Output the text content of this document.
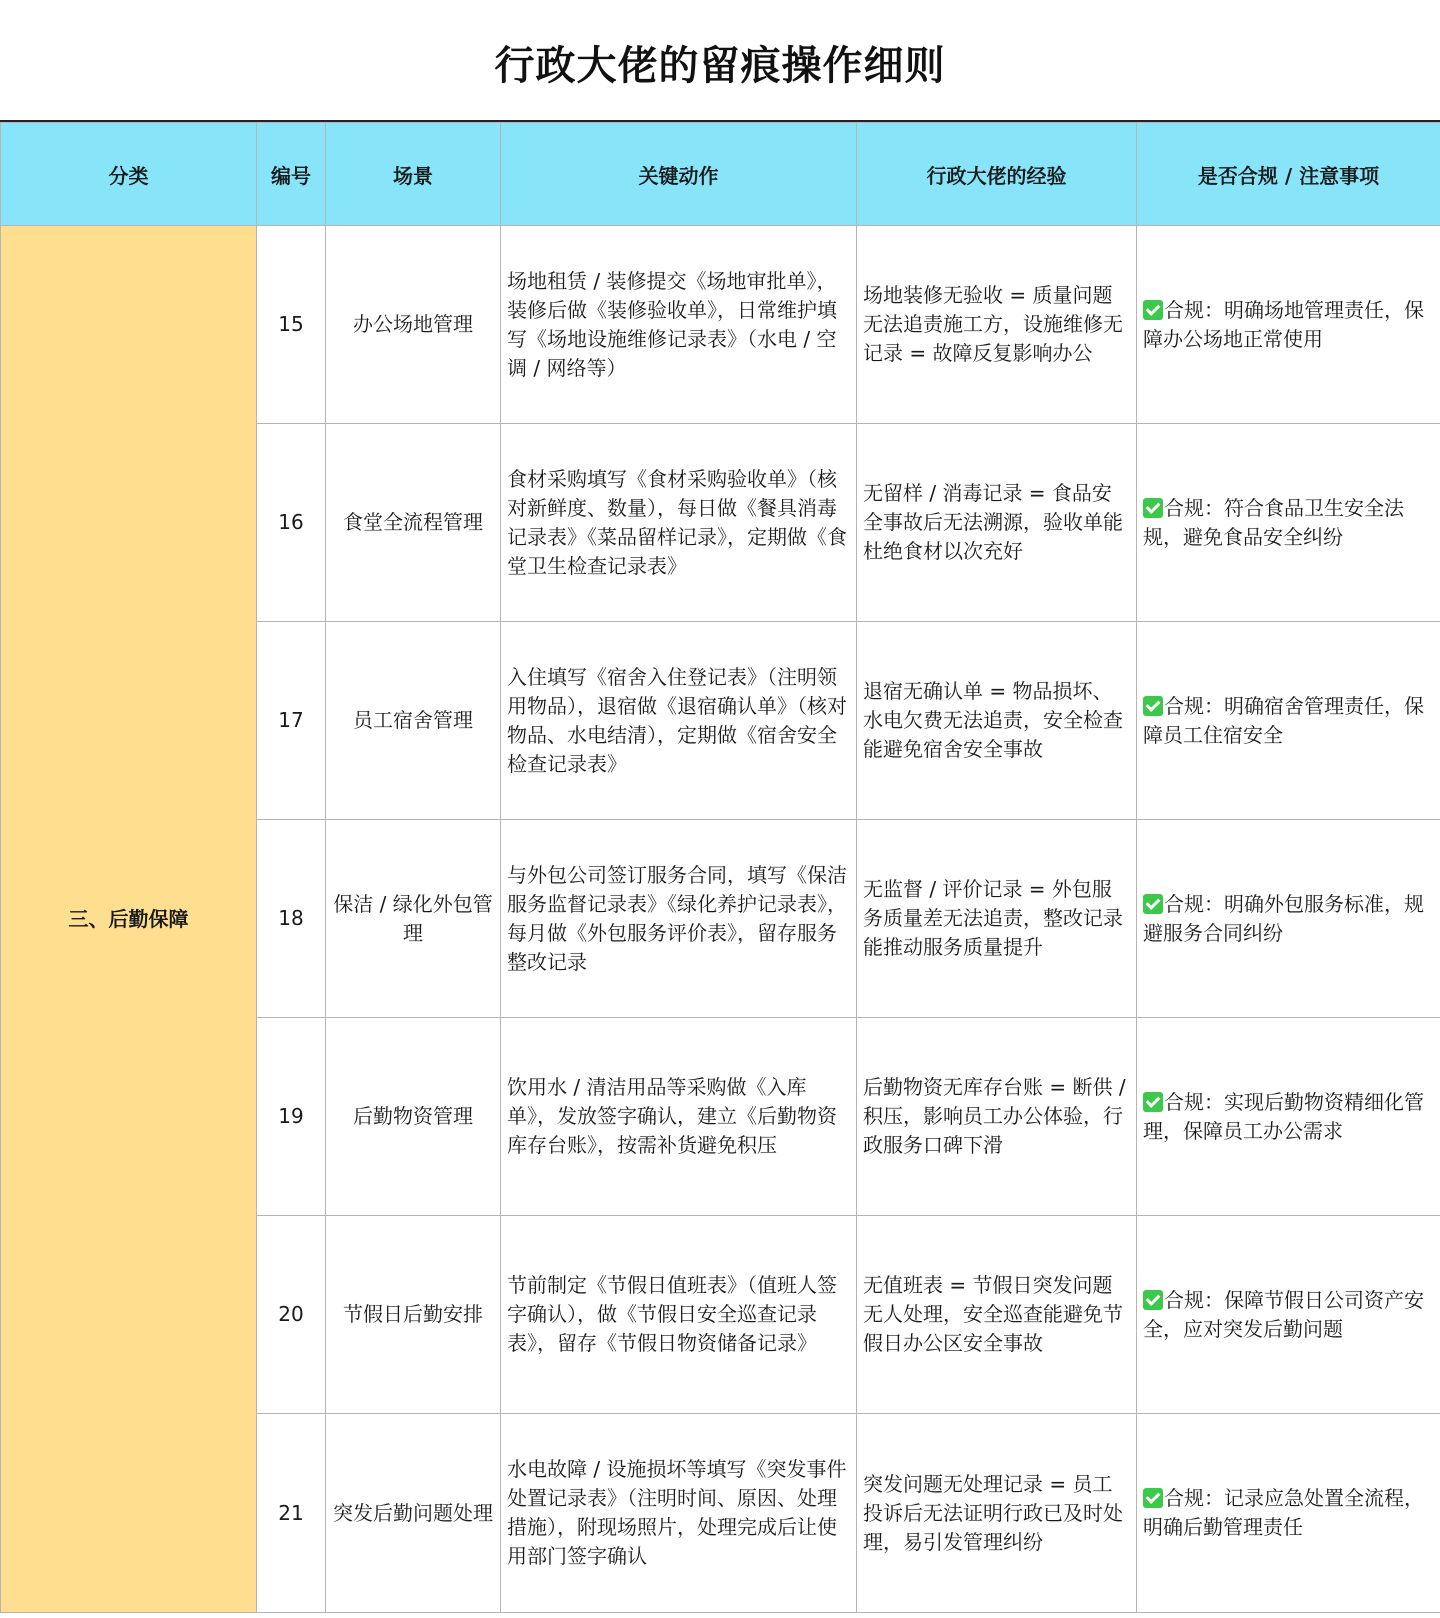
行政大佬的留痕操作细则
分类	编号	场景	关键动作	行政大佬的经验	是否合规 / 注意事项
三、后勤保障	15	办公场地管理	场地租赁 / 装修提交《场地审批单》，装修后做《装修验收单》，日常维护填写《场地设施维修记录表》（水电 / 空调 / 网络等）	场地装修无验收 = 质量问题无法追责施工方，设施维修无记录 = 故障反复影响办公	合规：明确场地管理责任，保障办公场地正常使用
	16	食堂全流程管理	食材采购填写《食材采购验收单》（核对新鲜度、数量），每日做《餐具消毒记录表》《菜品留样记录》，定期做《食堂卫生检查记录表》	无留样 / 消毒记录 = 食品安全事故后无法溯源，验收单能杜绝食材以次充好	合规：符合食品卫生安全法规，避免食品安全纠纷
	17	员工宿舍管理	入住填写《宿舍入住登记表》（注明领用物品），退宿做《退宿确认单》（核对物品、水电结清），定期做《宿舍安全检查记录表》	退宿无确认单 = 物品损坏、水电欠费无法追责，安全检查能避免宿舍安全事故	合规：明确宿舍管理责任，保障员工住宿安全
	18	保洁 / 绿化外包管理	与外包公司签订服务合同，填写《保洁服务监督记录表》《绿化养护记录表》，每月做《外包服务评价表》，留存服务整改记录	无监督 / 评价记录 = 外包服务质量差无法追责，整改记录能推动服务质量提升	合规：明确外包服务标准，规避服务合同纠纷
	19	后勤物资管理	饮用水 / 清洁用品等采购做《入库单》，发放签字确认，建立《后勤物资库存台账》，按需补货避免积压	后勤物资无库存台账 = 断供 / 积压，影响员工办公体验，行政服务口碑下滑	合规：实现后勤物资精细化管理，保障员工办公需求
	20	节假日后勤安排	节前制定《节假日值班表》（值班人签字确认），做《节假日安全巡查记录表》，留存《节假日物资储备记录》	无值班表 = 节假日突发问题无人处理，安全巡查能避免节假日办公区安全事故	合规：保障节假日公司资产安全，应对突发后勤问题
	21	突发后勤问题处理	水电故障 / 设施损坏等填写《突发事件处置记录表》（注明时间、原因、处理措施），附现场照片，处理完成后让使用部门签字确认	突发问题无处理记录 = 员工投诉后无法证明行政已及时处理，易引发管理纠纷	合规：记录应急处置全流程，明确后勤管理责任
